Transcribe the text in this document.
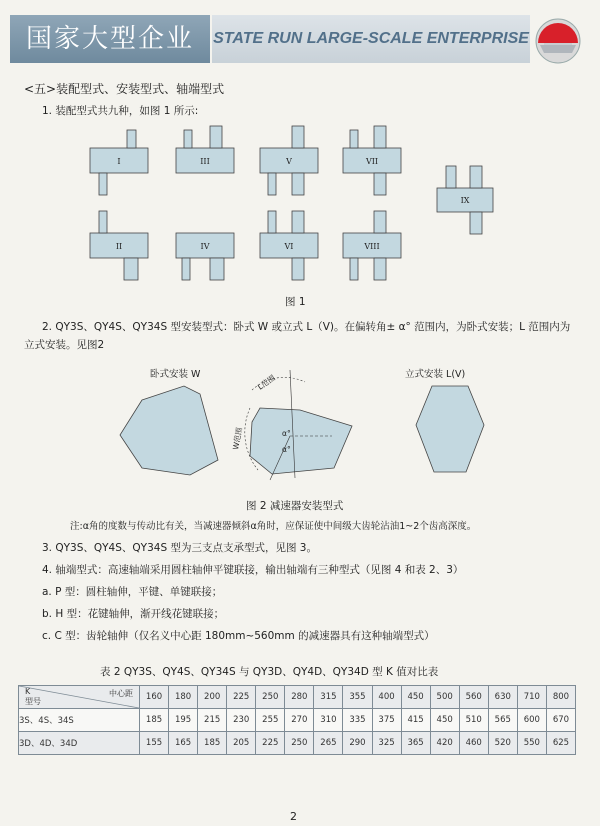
国家大型企业	STATE RUN LARGE-SCALE ENTERPRISE
<五>装配型式、安装型式、轴端型式
1. 装配型式共九种，如图 1 所示:
I
II
III
IV
V
VI
VII
VIII
IX
图 1
2. QY3S、QY4S、QY34S 型安装型式：卧式 W 或立式 L（V)。在偏转角± α° 范围内，为卧式安装；L 范围内为
立式安装。见图2
卧式安装 W	立式安装 L(V)
L范围
W范围	α°
α°
图 2 减速器安装型式
注:α角的度数与传动比有关，当减速器倾斜α角时，应保证使中间级大齿轮沾油1~2个齿高深度。
3. QY3S、QY4S、QY34S 型为三支点支承型式，见图 3。
4. 轴端型式：高速轴端采用圆柱轴伸平键联接，输出轴端有三种型式（见图 4 和表 2、3）
a. P 型：圆柱轴伸，平键、单键联接；
b. H 型：花键轴伸，渐开线花键联接；
c. C 型：齿轮轴伸（仅名义中心距 180mm~560mm 的减速器具有这种轴端型式）
表 2 QY3S、QY4S、QY34S 与 QY3D、QY4D、QY34D 型 K 值对比表
K 中心距
型号	160	180	200	225	250	280	315	355	400	450	500	560	630	710	800
3S、4S、34S	185	195	215	230	255	270	310	335	375	415	450	510	565	600	670
3D、4D、34D	155	165	185	205	225	250	265	290	325	365	420	460	520	550	625
2
